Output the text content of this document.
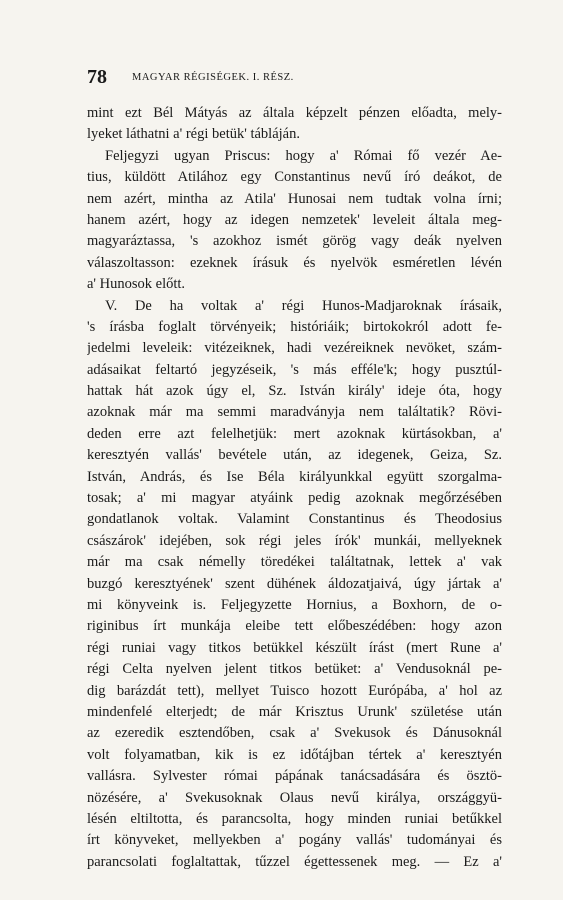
78 MAGYAR RÉGISÉGEK. I. RÉSZ.
mint ezt Bél Mátyás az általa képzelt pénzen előadta, mely-
lyeket láthatni a' régi betük' tábláján.
Feljegyzi ugyan Priscus: hogy a' Római fő vezér Ae-
tius, küldött Atilához egy Constantinus nevű író deákot, de
nem azért, mintha az Atila' Hunosai nem tudtak volna írni;
hanem azért, hogy az idegen nemzetek' leveleit általa meg-
magyaráztassa, 's azokhoz ismét görög vagy deák nyelven
válaszoltasson: ezeknek írásuk és nyelvök esméretlen lévén
a' Hunosok előtt.
V. De ha voltak a' régi Hunos-Madjaroknak írásaik,
's írásba foglalt törvényeik; históriáik; birtokokról adott fe-
jedelmi leveleik: vitézeiknek, hadi vezéreiknek nevöket, szám-
adásaikat feltartó jegyzéseik, 's más efféle'k; hogy pusztúl-
hattak hát azok úgy el, Sz. István király' ideje óta, hogy
azoknak már ma semmi maradványja nem találtatik? Rövi-
deden erre azt felelhetjük: mert azoknak kürtásokban, a'
keresztyén vallás' bevétele után, az idegenek, Geiza, Sz.
István, András, és Ise Béla királyunkkal együtt szorgalma-
tosak; a' mi magyar atyáink pedig azoknak megőrzésében
gondatlanok voltak. Valamint Constantinus és Theodosius
császárok' idejében, sok régi jeles írók' munkái, mellyeknek
már ma csak némelly töredékei találtatnak, lettek a' vak
buzgó keresztyének' szent dühének áldozatjaivá, úgy jártak a'
mi könyveink is. Feljegyzette Hornius, a Boxhorn, de o-
riginibus írt munkája eleibe tett előbeszédében: hogy azon
régi runiai vagy titkos betükkel készült írást (mert Rune a'
régi Celta nyelven jelent titkos betüket: a' Vendusoknál pe-
dig barázdát tett), mellyet Tuisco hozott Európába, a' hol az
mindenfelé elterjedt; de már Krisztus Urunk' születése után
az ezeredik esztendőben, csak a' Svekusok és Dánusoknál
volt folyamatban, kik is ez időtájban tértek a' keresztyén
vallásra. Sylvester római pápának tanácsadására és ösztö-
nözésére, a' Svekusoknak Olaus nevű királya, országgyü-
lésén eltiltotta, és parancsolta, hogy minden runiai betűkkel
írt könyveket, mellyekben a' pogány vallás' tudományai és
parancsolati foglaltattak, tűzzel égettessenek meg. — Ez a'
